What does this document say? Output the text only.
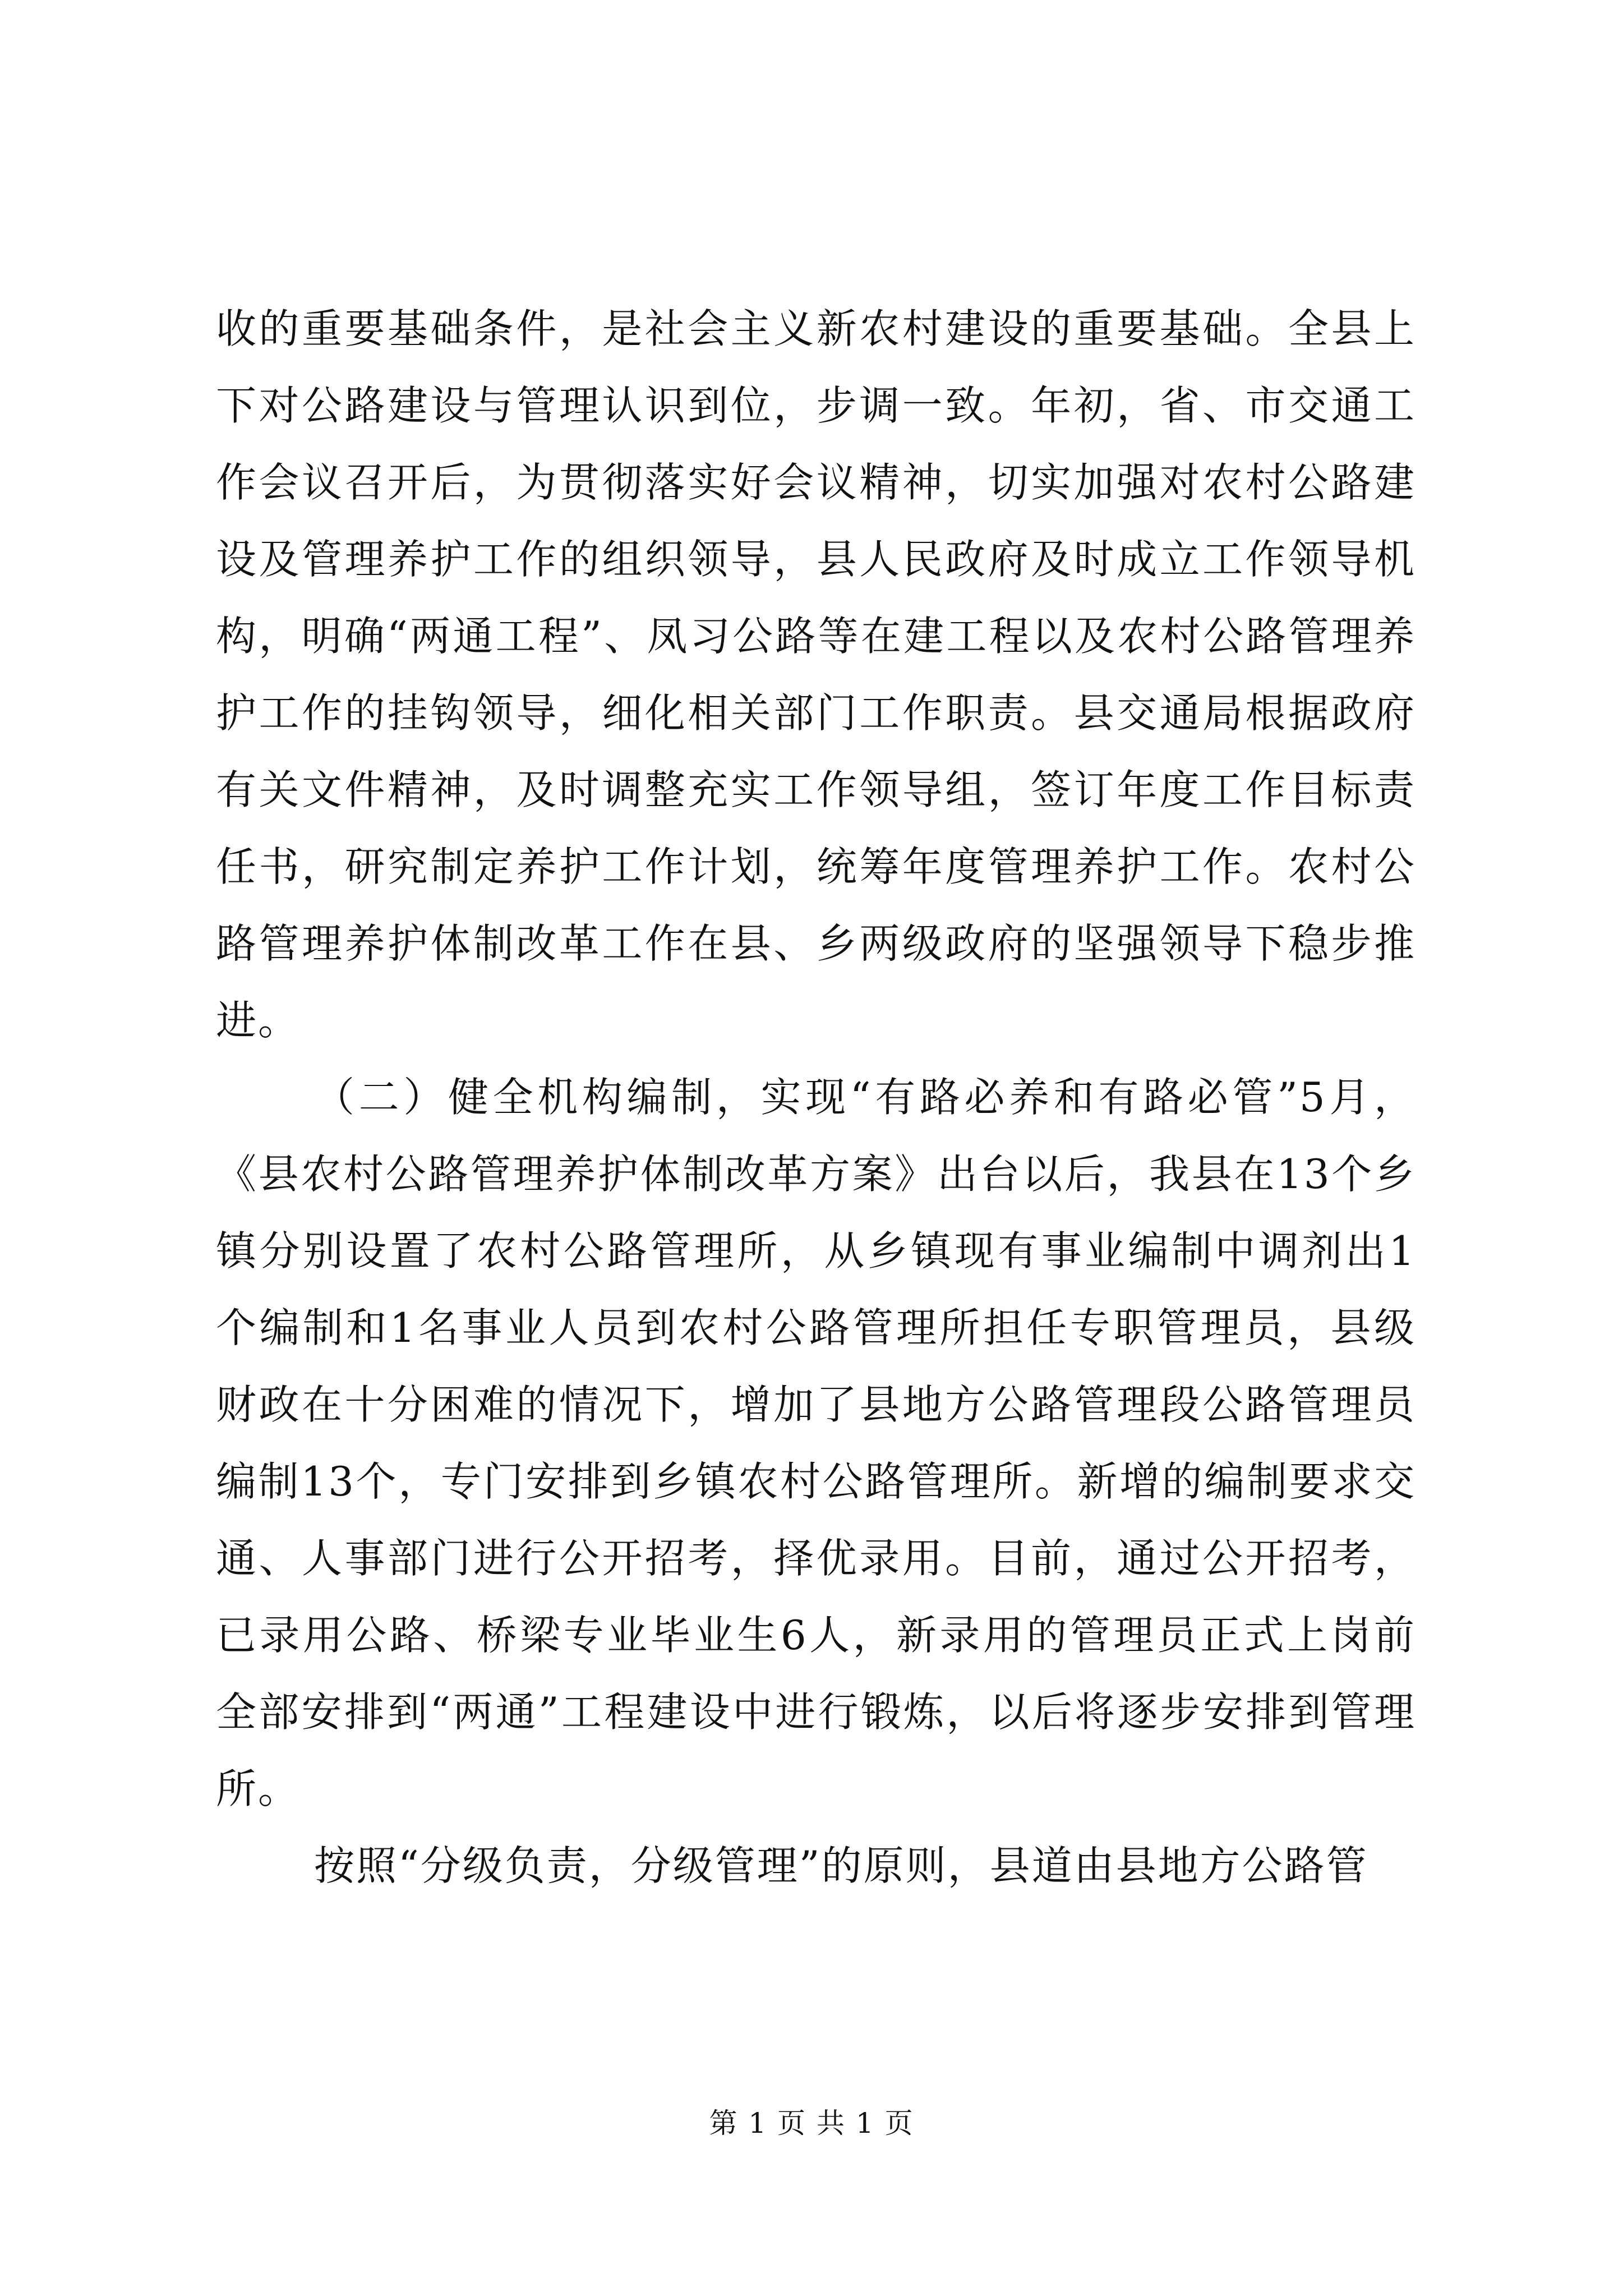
收的重要基础条件，是社会主义新农村建设的重要基础。全县上下对公路建设与管理认识到位，步调一致。年初，省、市交通工作会议召开后，为贯彻落实好会议精神，切实加强对农村公路建设及管理养护工作的组织领导，县人民政府及时成立工作领导机构，明确“两通工程”、凤习公路等在建工程以及农村公路管理养护工作的挂钩领导，细化相关部门工作职责。县交通局根据政府有关文件精神，及时调整充实工作领导组，签订年度工作目标责任书，研究制定养护工作计划，统筹年度管理养护工作。农村公路管理养护体制改革工作在县、乡两级政府的坚强领导下稳步推进。

（二）健全机构编制，实现“有路必养和有路必管”5月，《县农村公路管理养护体制改革方案》出台以后，我县在13个乡镇分别设置了农村公路管理所，从乡镇现有事业编制中调剂出1个编制和1名事业人员到农村公路管理所担任专职管理员，县级财政在十分困难的情况下，增加了县地方公路管理段公路管理员编制13个，专门安排到乡镇农村公路管理所。新增的编制要求交通、人事部门进行公开招考，择优录用。目前，通过公开招考，已录用公路、桥梁专业毕业生6人，新录用的管理员正式上岗前全部安排到“两通”工程建设中进行锻炼，以后将逐步安排到管理所。

按照“分级负责，分级管理”的原则，县道由县地方公路管

第 1 页 共 1 页
